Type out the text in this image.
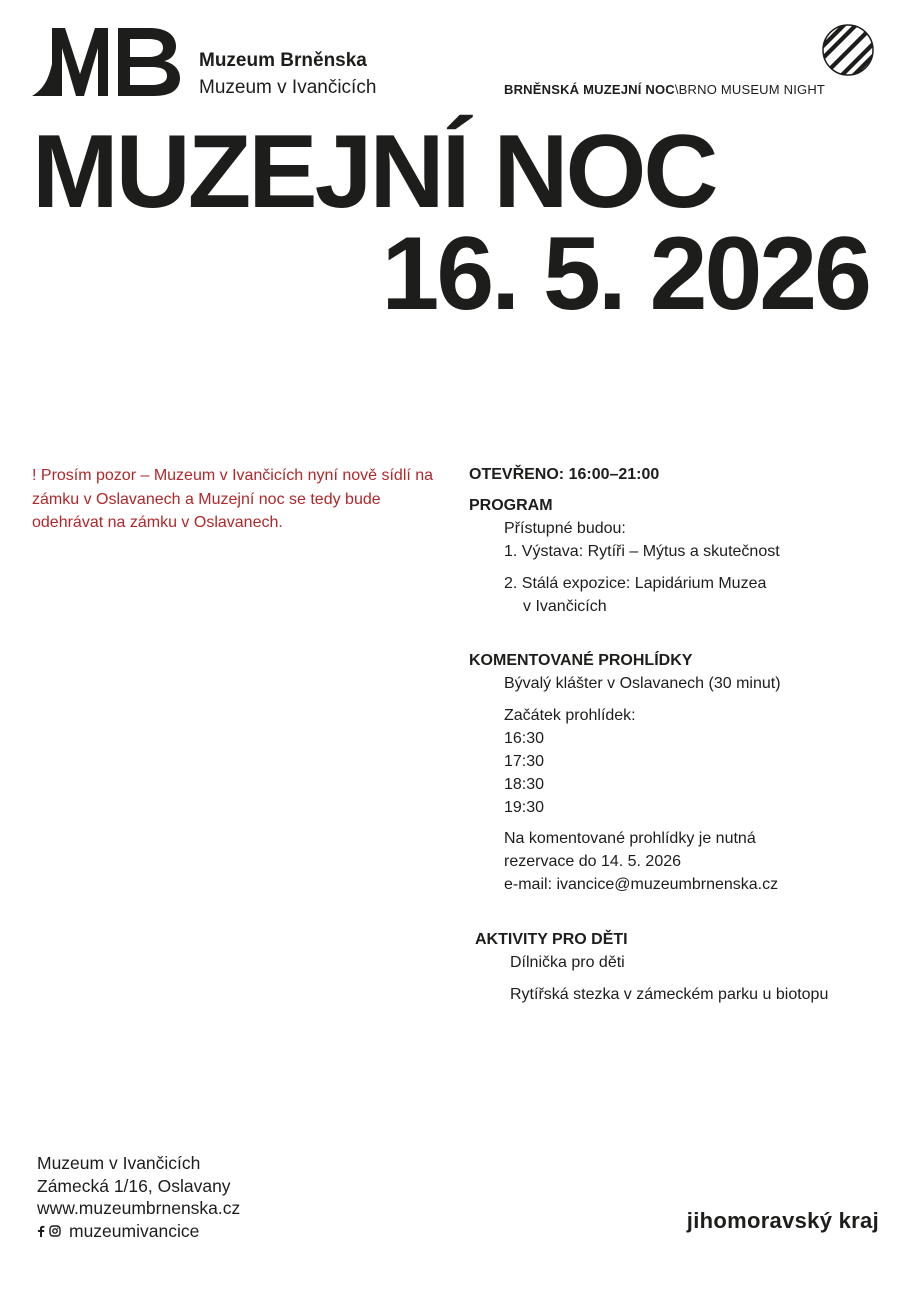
Muzeum Brněnska
Muzeum v Ivančicích	BRNĚNSKÁ MUZEJNÍ NOC\BRNO MUSEUM NIGHT
MUZEJNÍ NOC
16. 5. 2026
! Prosím pozor – Muzeum v Ivančicích nyní nově sídlí na zámku v Oslavanech a Muzejní noc se tedy bude odehrávat na zámku v Oslavanech.
OTEVŘENO: 16:00–21:00
PROGRAM
Přístupné budou:
1. Výstava: Rytíři – Mýtus a skutečnost
2. Stálá expozice: Lapidárium Muzea
v Ivančicích
KOMENTOVANÉ PROHLÍDKY
Bývalý klášter v Oslavanech (30 minut)
Začátek prohlídek:
16:30
17:30
18:30
19:30
Na komentované prohlídky je nutná
rezervace do 14. 5. 2026
e-mail: ivancice@muzeumbrnenska.cz
AKTIVITY PRO DĚTI
Dílnička pro děti
Rytířská stezka v zámeckém parku u biotopu
Muzeum v Ivančicích
Zámecká 1/16, Oslavany
www.muzeumbrnenska.cz
muzeumivancice	jihomoravský kraj
